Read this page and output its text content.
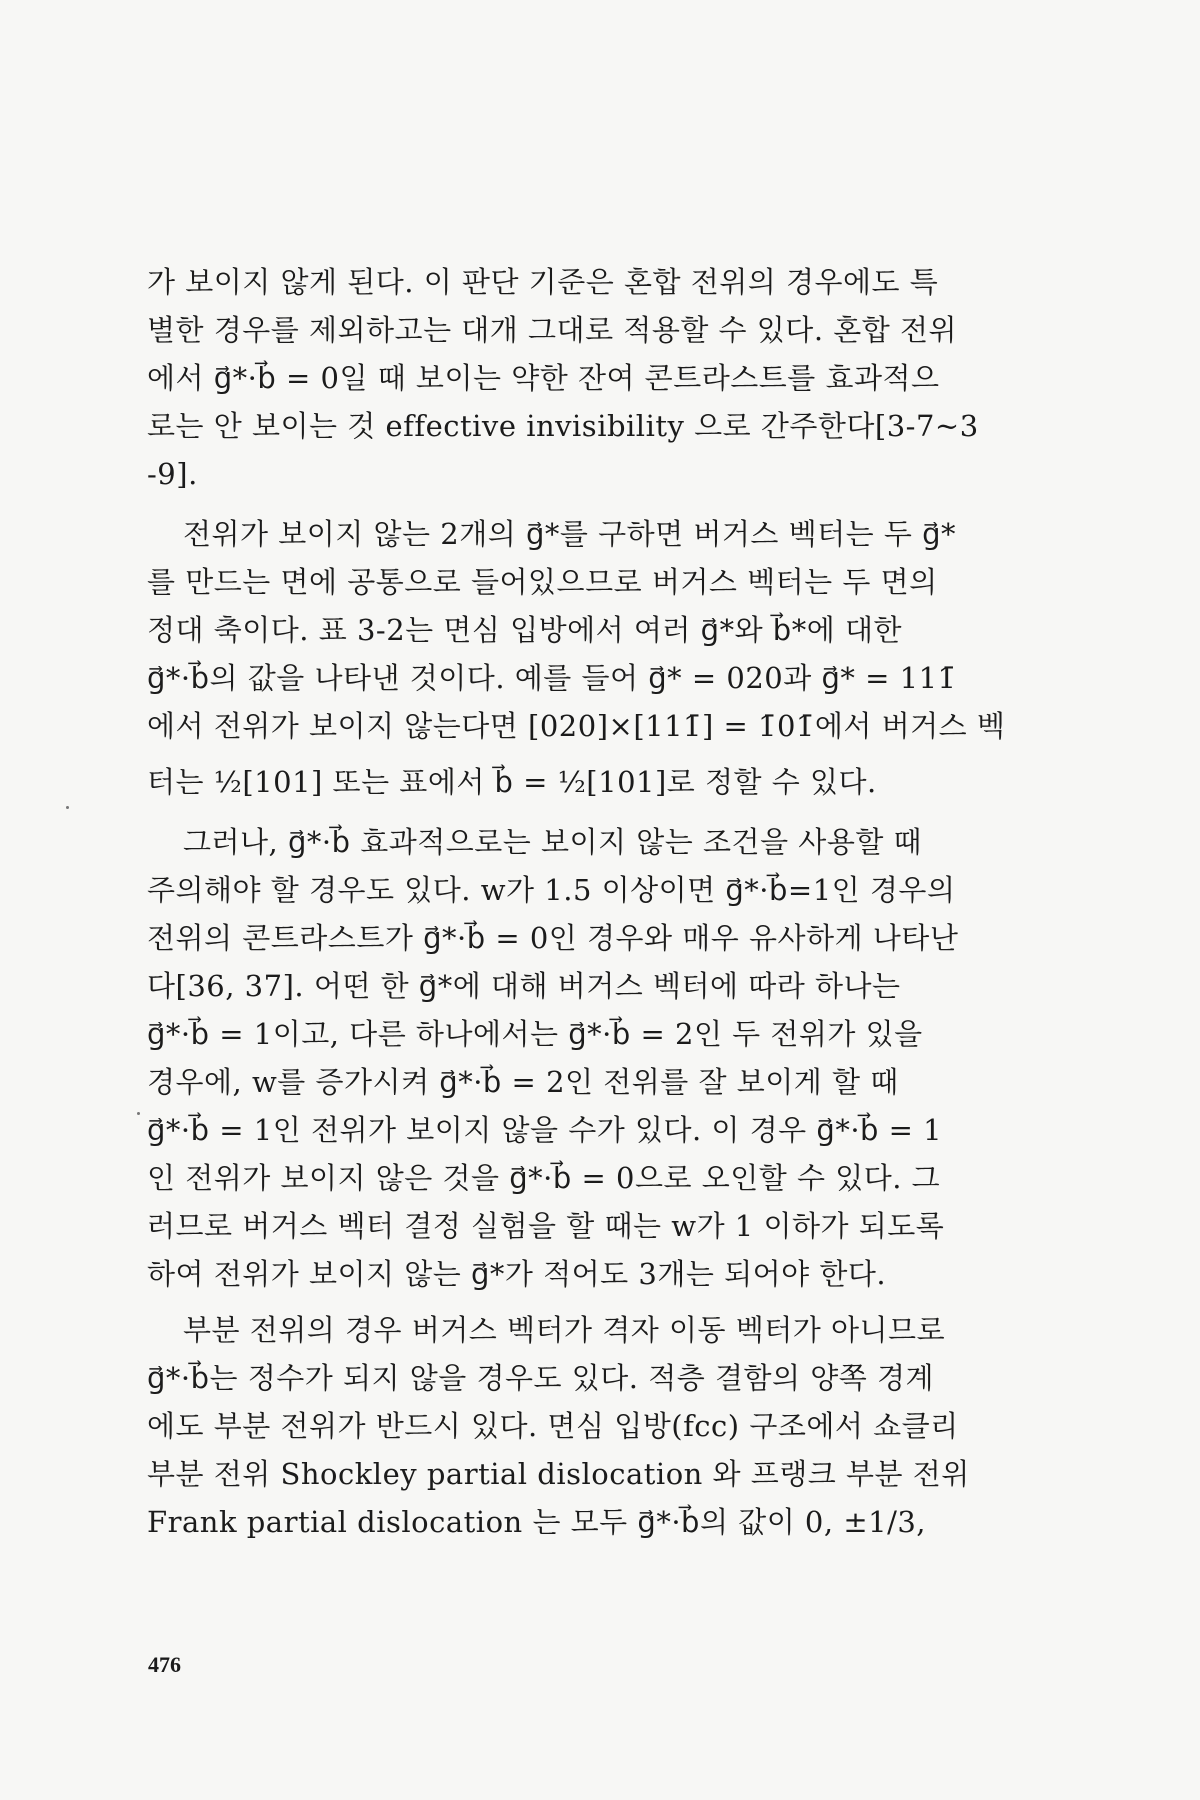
가 보이지 않게 된다. 이 판단 기준은 혼합 전위의 경우에도 특
별한 경우를 제외하고는 대개 그대로 적용할 수 있다. 혼합 전위
에서 g⃗*·b⃗ = 0일 때 보이는 약한 잔여 콘트라스트를 효과적으
로는 안 보이는 것 effective invisibility 으로 간주한다[3-7~3
-9].
전위가 보이지 않는 2개의 g⃗*를 구하면 버거스 벡터는 두 g⃗*
를 만드는 면에 공통으로 들어있으므로 버거스 벡터는 두 면의
정대 축이다. 표 3-2는 면심 입방에서 여러 g⃗*와 b⃗*에 대한
g⃗*·b⃗의 값을 나타낸 것이다. 예를 들어 g⃗* = 020과 g⃗* = 111̄
에서 전위가 보이지 않는다면 [020]×[111̄] = 1̄01̄에서 버거스 벡
터는 ½[101] 또는 표에서 b⃗ = ½[101]로 정할 수 있다.
그러나, g⃗*·b⃗ 효과적으로는 보이지 않는 조건을 사용할 때
주의해야 할 경우도 있다. w가 1.5 이상이면 g⃗*·b⃗=1인 경우의
전위의 콘트라스트가 g⃗*·b⃗ = 0인 경우와 매우 유사하게 나타난
다[36, 37]. 어떤 한 g⃗*에 대해 버거스 벡터에 따라 하나는
g⃗*·b⃗ = 1이고, 다른 하나에서는 g⃗*·b⃗ = 2인 두 전위가 있을
경우에, w를 증가시켜 g⃗*·b⃗ = 2인 전위를 잘 보이게 할 때
g⃗*·b⃗ = 1인 전위가 보이지 않을 수가 있다. 이 경우 g⃗*·b⃗ = 1
인 전위가 보이지 않은 것을 g⃗*·b⃗ = 0으로 오인할 수 있다. 그
러므로 버거스 벡터 결정 실험을 할 때는 w가 1 이하가 되도록
하여 전위가 보이지 않는 g⃗*가 적어도 3개는 되어야 한다.
부분 전위의 경우 버거스 벡터가 격자 이동 벡터가 아니므로
g⃗*·b⃗는 정수가 되지 않을 경우도 있다. 적층 결함의 양쪽 경계
에도 부분 전위가 반드시 있다. 면심 입방(fcc) 구조에서 쇼클리
부분 전위 Shockley partial dislocation 와 프랭크 부분 전위
Frank partial dislocation 는 모두 g⃗*·b⃗의 값이 0, ±1/3,
476
